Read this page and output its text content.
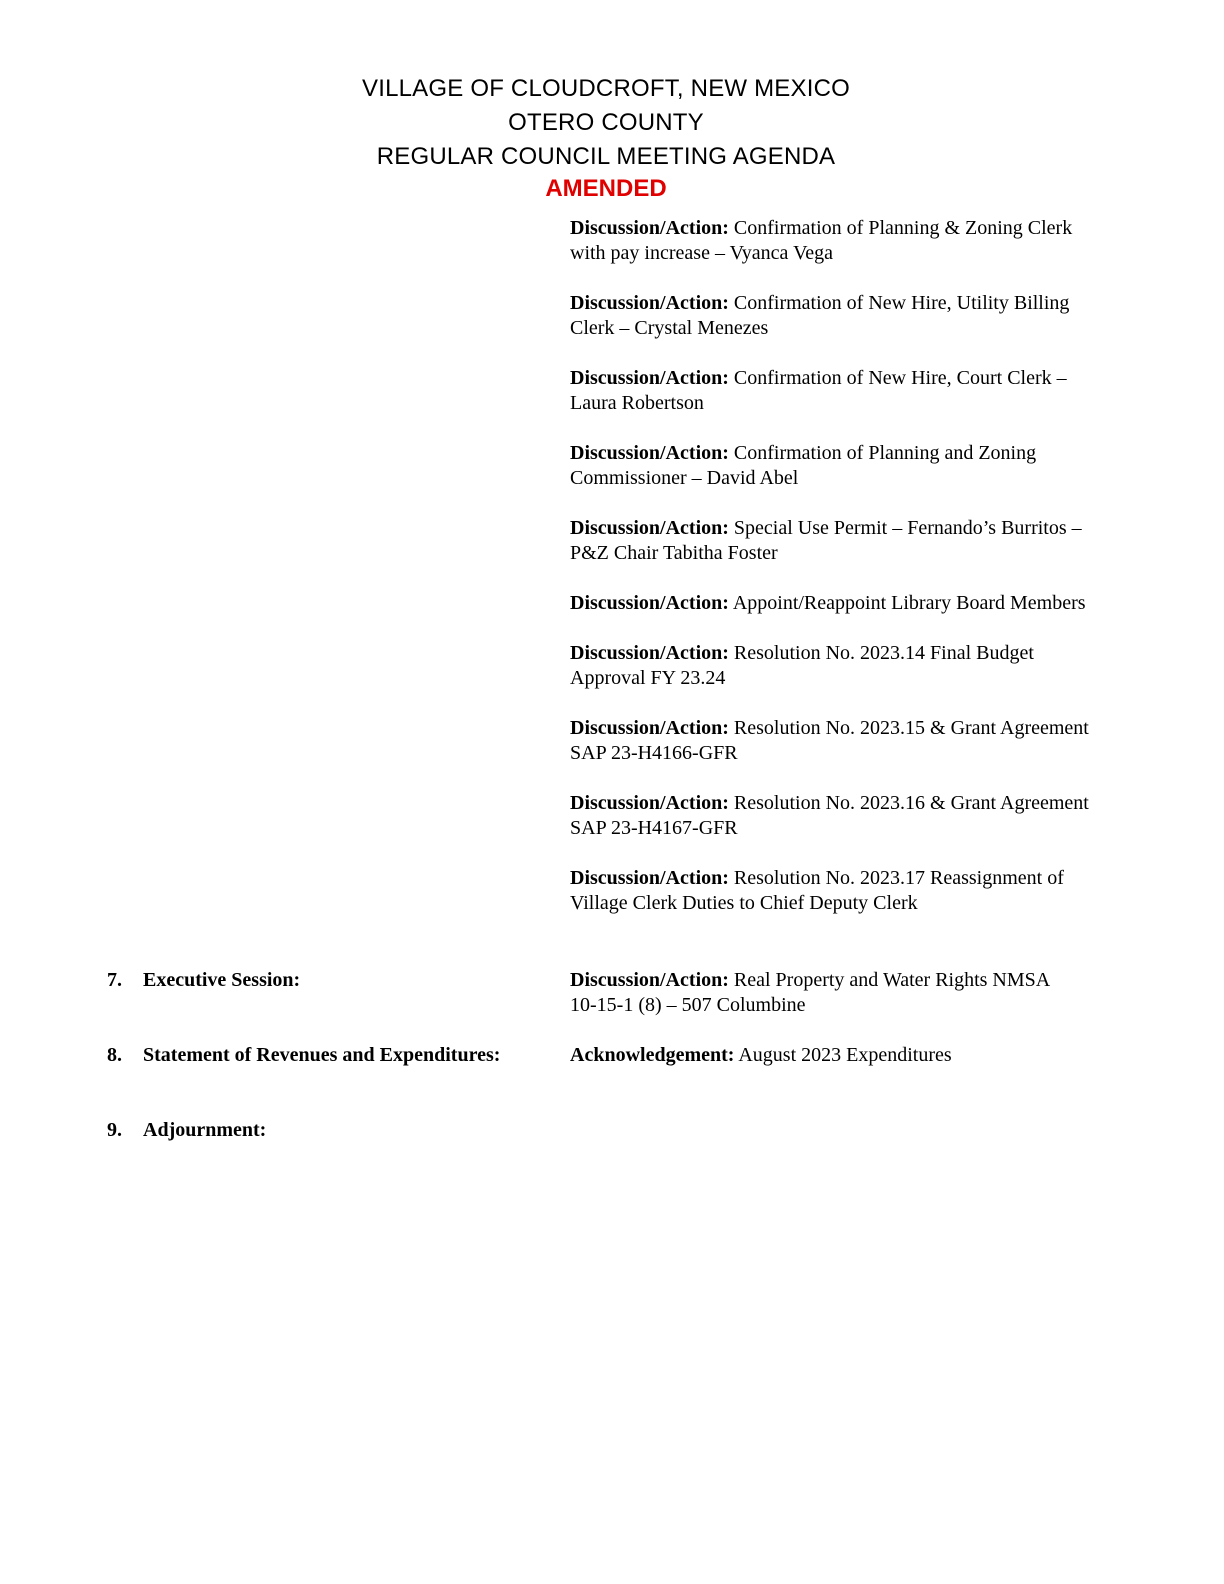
VILLAGE OF CLOUDCROFT, NEW MEXICO
OTERO COUNTY
REGULAR COUNCIL MEETING AGENDA
AMENDED
Discussion/Action: Confirmation of Planning & Zoning Clerk
with pay increase – Vyanca Vega
Discussion/Action: Confirmation of New Hire, Utility Billing
Clerk – Crystal Menezes
Discussion/Action: Confirmation of New Hire, Court Clerk –
Laura Robertson
Discussion/Action: Confirmation of Planning and Zoning
Commissioner – David Abel
Discussion/Action: Special Use Permit – Fernando’s Burritos –
P&Z Chair Tabitha Foster
Discussion/Action: Appoint/Reappoint Library Board Members
Discussion/Action: Resolution No. 2023.14 Final Budget
Approval FY 23.24
Discussion/Action: Resolution No. 2023.15 & Grant Agreement
SAP 23-H4166-GFR
Discussion/Action: Resolution No. 2023.16 & Grant Agreement
SAP 23-H4167-GFR
Discussion/Action: Resolution No. 2023.17 Reassignment of
Village Clerk Duties to Chief Deputy Clerk
7. Executive Session:	Discussion/Action: Real Property and Water Rights NMSA
10-15-1 (8) – 507 Columbine
8. Statement of Revenues and Expenditures:	Acknowledgement: August 2023 Expenditures
9. Adjournment:
